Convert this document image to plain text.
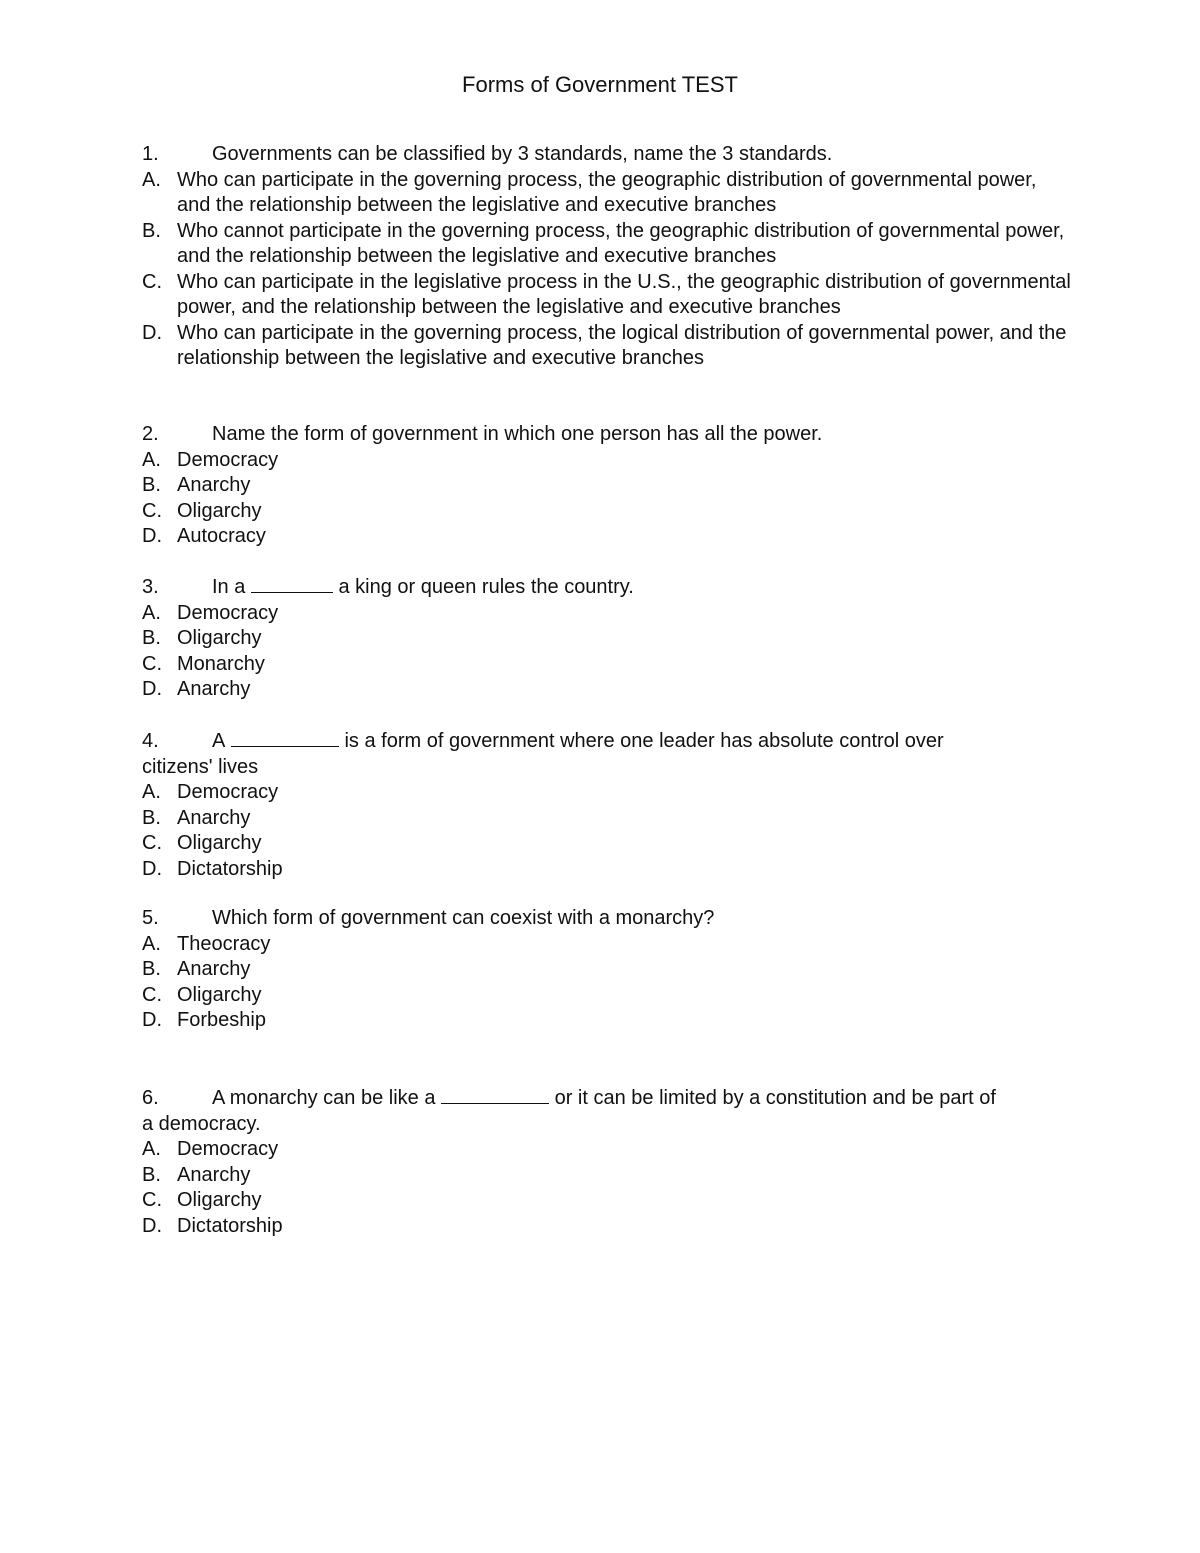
Forms of Government TEST
1.	Governments can be classified by 3 standards, name the 3 standards.
A. Who can participate in the governing process, the geographic distribution of governmental power, and the relationship between the legislative and executive branches
B. Who cannot participate in the governing process, the geographic distribution of governmental power, and the relationship between the legislative and executive branches
C. Who can participate in the legislative process in the U.S., the geographic distribution of governmental power, and the relationship between the legislative and executive branches
D. Who can participate in the governing process, the logical distribution of governmental power, and the relationship between the legislative and executive branches
2.	Name the form of government in which one person has all the power.
A. Democracy
B. Anarchy
C. Oligarchy
D. Autocracy
3.	In a	a king or queen rules the country.
A. Democracy
B. Oligarchy
C. Monarchy
D. Anarchy
4.	A	is a form of government where one leader has absolute control over
citizens' lives
A. Democracy
B. Anarchy
C. Oligarchy
D. Dictatorship
5.	Which form of government can coexist with a monarchy?
A. Theocracy
B. Anarchy
C. Oligarchy
D. Forbeship
6.	A monarchy can be like a	or it can be limited by a constitution and be part of
a democracy.
A. Democracy
B. Anarchy
C. Oligarchy
D. Dictatorship
